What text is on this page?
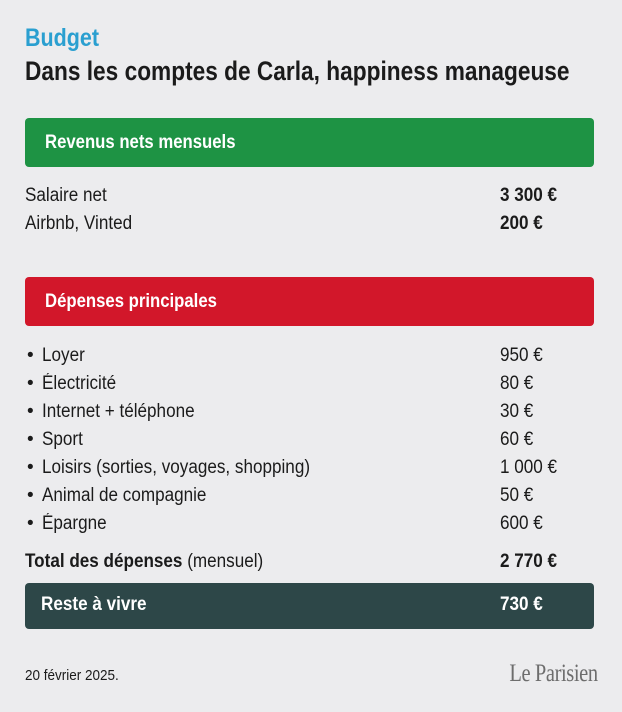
Budget
Dans les comptes de Carla, happiness manageuse
Revenus nets mensuels
Salaire net	3 300 €
Airbnb, Vinted	200 €
Dépenses principales
• Loyer	950 €
• Électricité	80 €
• Internet + téléphone	30 €
• Sport	60 €
• Loisirs (sorties, voyages, shopping)	1 000 €
• Animal de compagnie	50 €
• Épargne	600 €
Total des dépenses (mensuel)	2 770 €
Reste à vivre	730 €
20 février 2025.	Le Parisien
